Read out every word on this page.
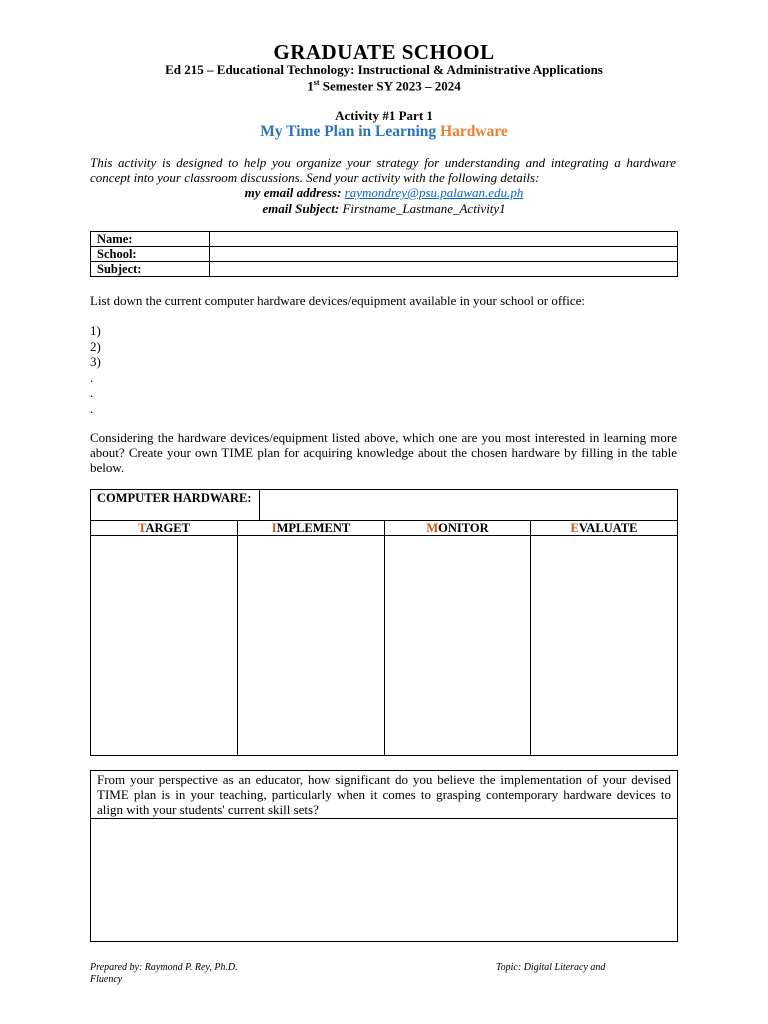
GRADUATE SCHOOL
Ed 215 – Educational Technology: Instructional & Administrative Applications
1st Semester SY 2023 – 2024
Activity #1 Part 1
My Time Plan in Learning Hardware
This activity is designed to help you organize your strategy for understanding and integrating a hardware concept into your classroom discussions. Send your activity with the following details:
my email address: raymondrey@psu.palawan.edu.ph
email Subject: Firstname_Lastmane_Activity1
Name:	
School:	
Subject:	
List down the current computer hardware devices/equipment available in your school or office:
1)
2)
3)
.
.
.
Considering the hardware devices/equipment listed above, which one are you most interested in learning more about? Create your own TIME plan for acquiring knowledge about the chosen hardware by filling in the table below.
COMPUTER HARDWARE:
TARGET	IMPLEMENT	MONITOR	EVALUATE
From your perspective as an educator, how significant do you believe the implementation of your devised TIME plan is in your teaching, particularly when it comes to grasping contemporary hardware devices to align with your students' current skill sets?
Prepared by: Raymond P. Rey, Ph.D.
Fluency
Topic: Digital Literacy and
